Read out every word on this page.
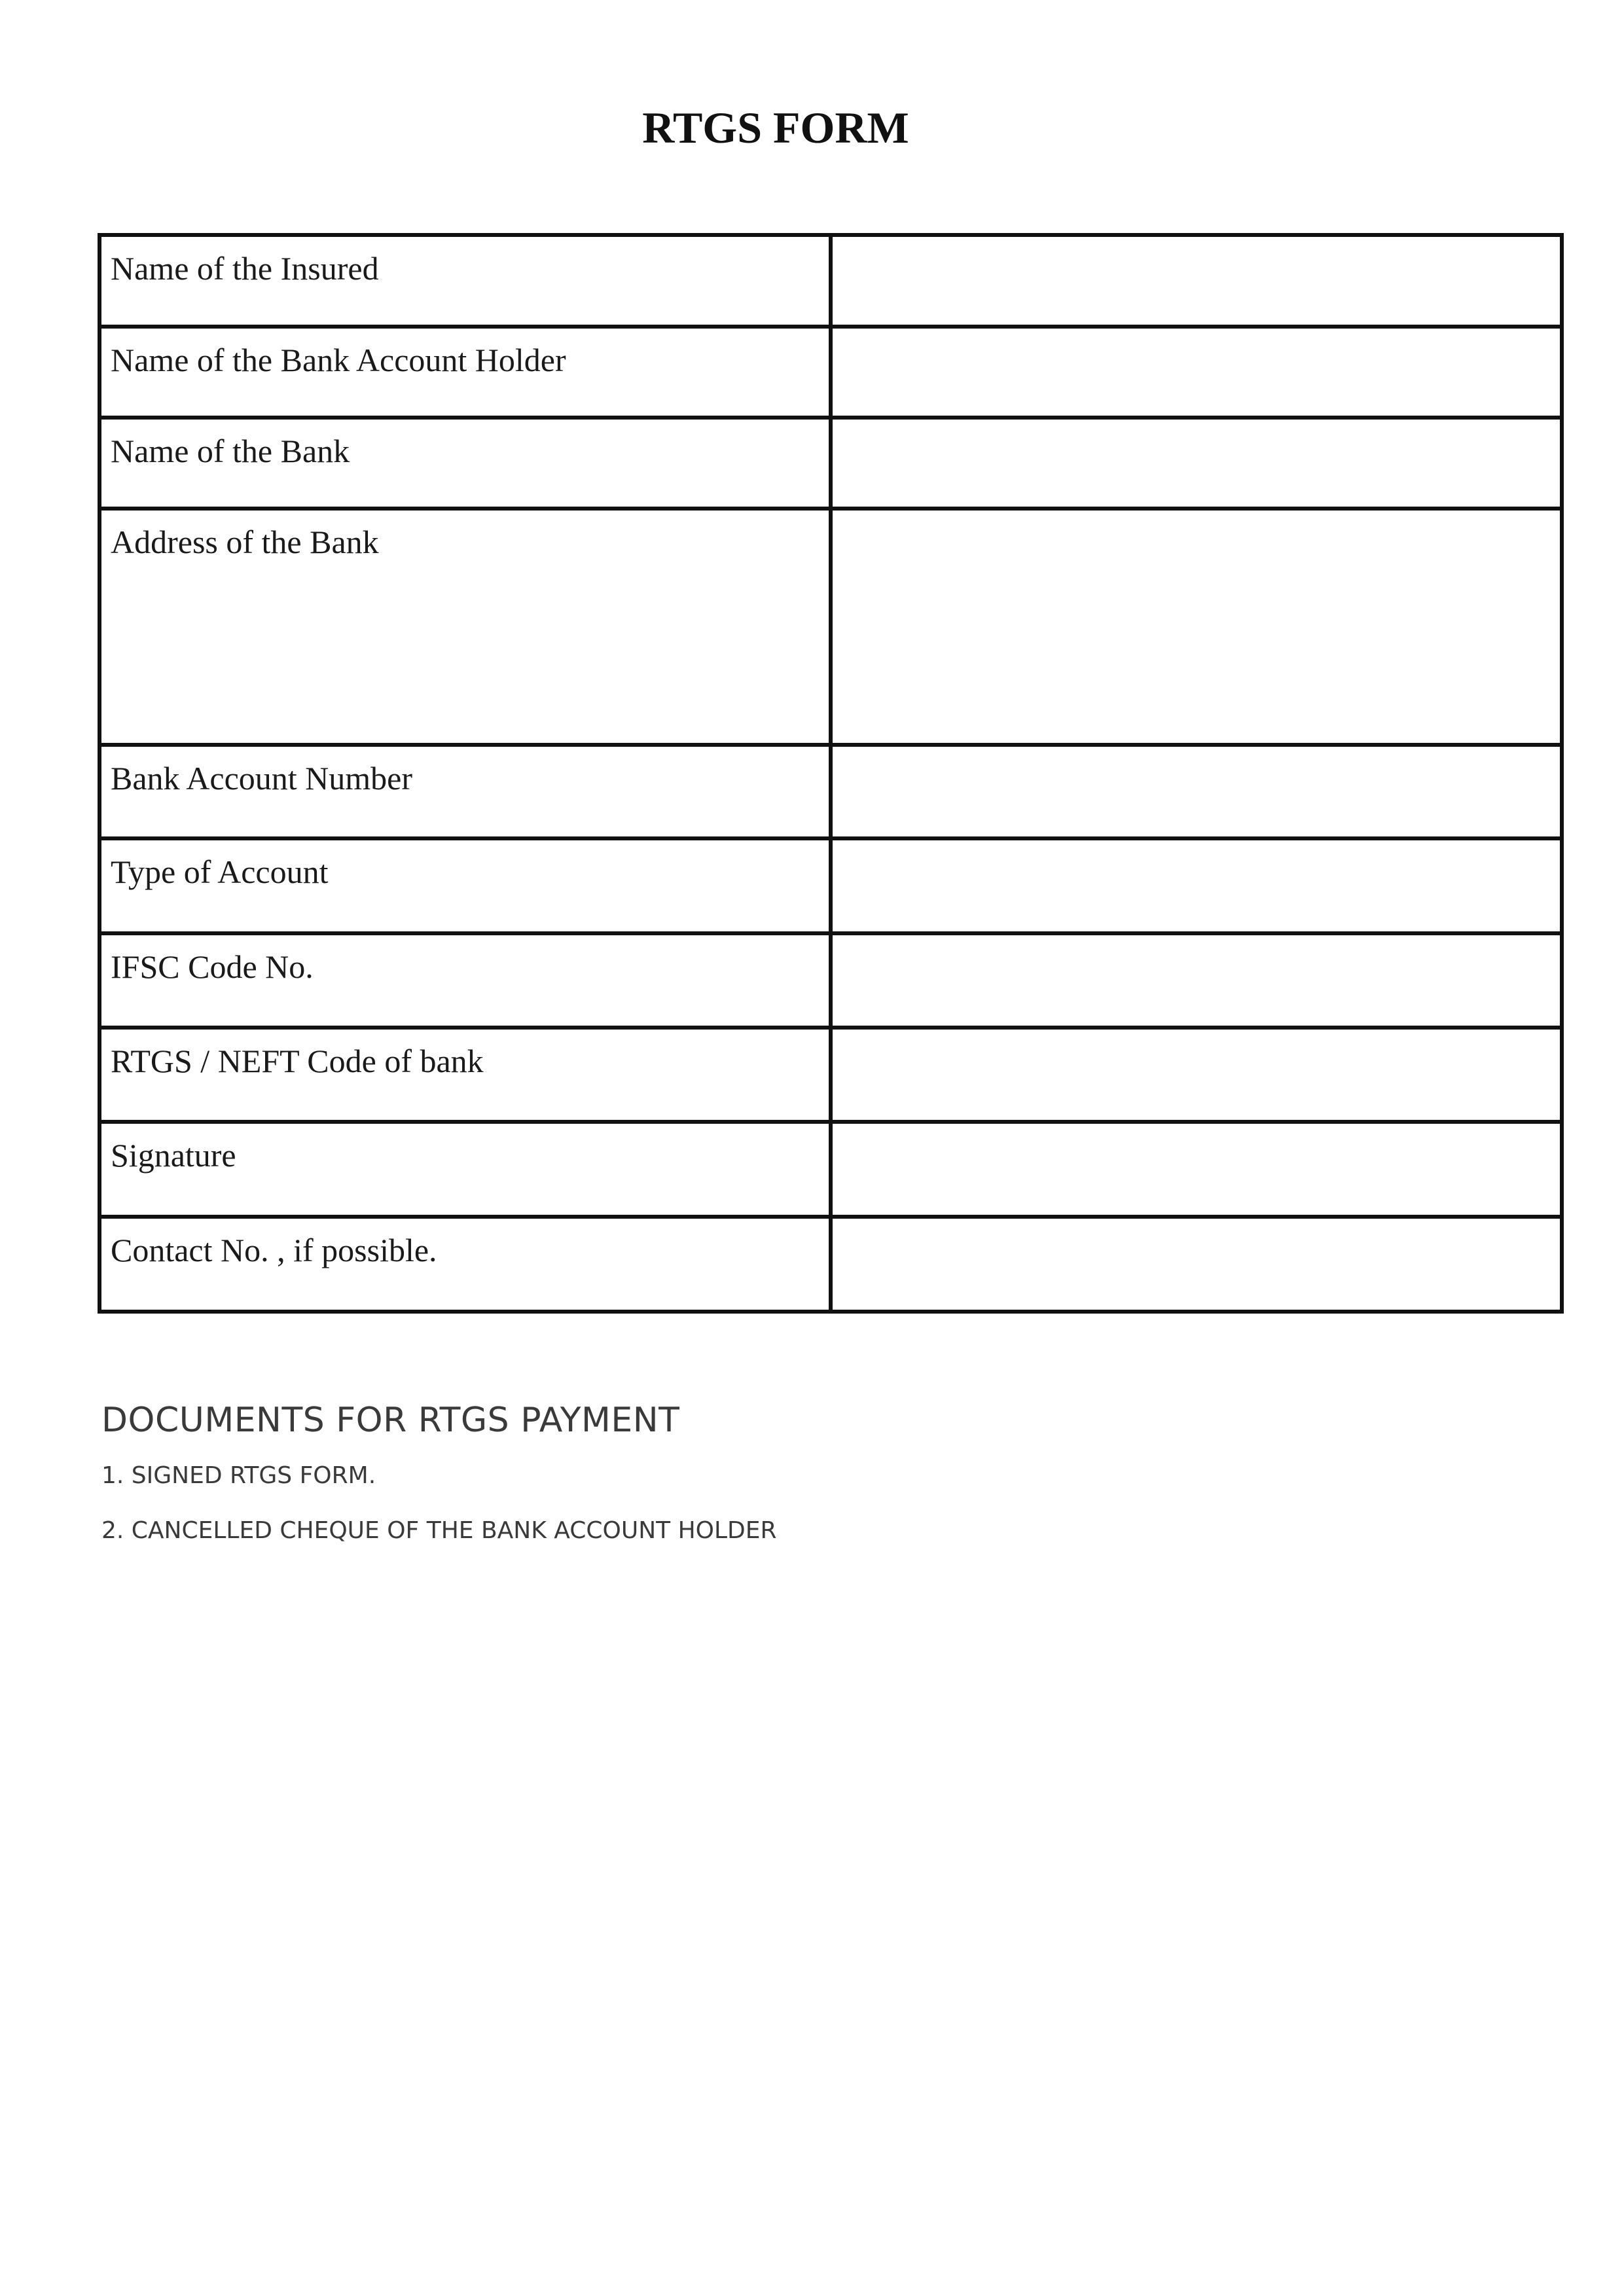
RTGS FORM
Name of the Insured	
Name of the Bank Account Holder	
Name of the Bank	
Address of the Bank	
Bank Account Number	
Type of Account	
IFSC Code No.	
RTGS / NEFT Code of bank	
Signature	
Contact No. , if possible.	
DOCUMENTS FOR RTGS PAYMENT
1. SIGNED RTGS FORM.
2. CANCELLED CHEQUE OF THE BANK ACCOUNT HOLDER
